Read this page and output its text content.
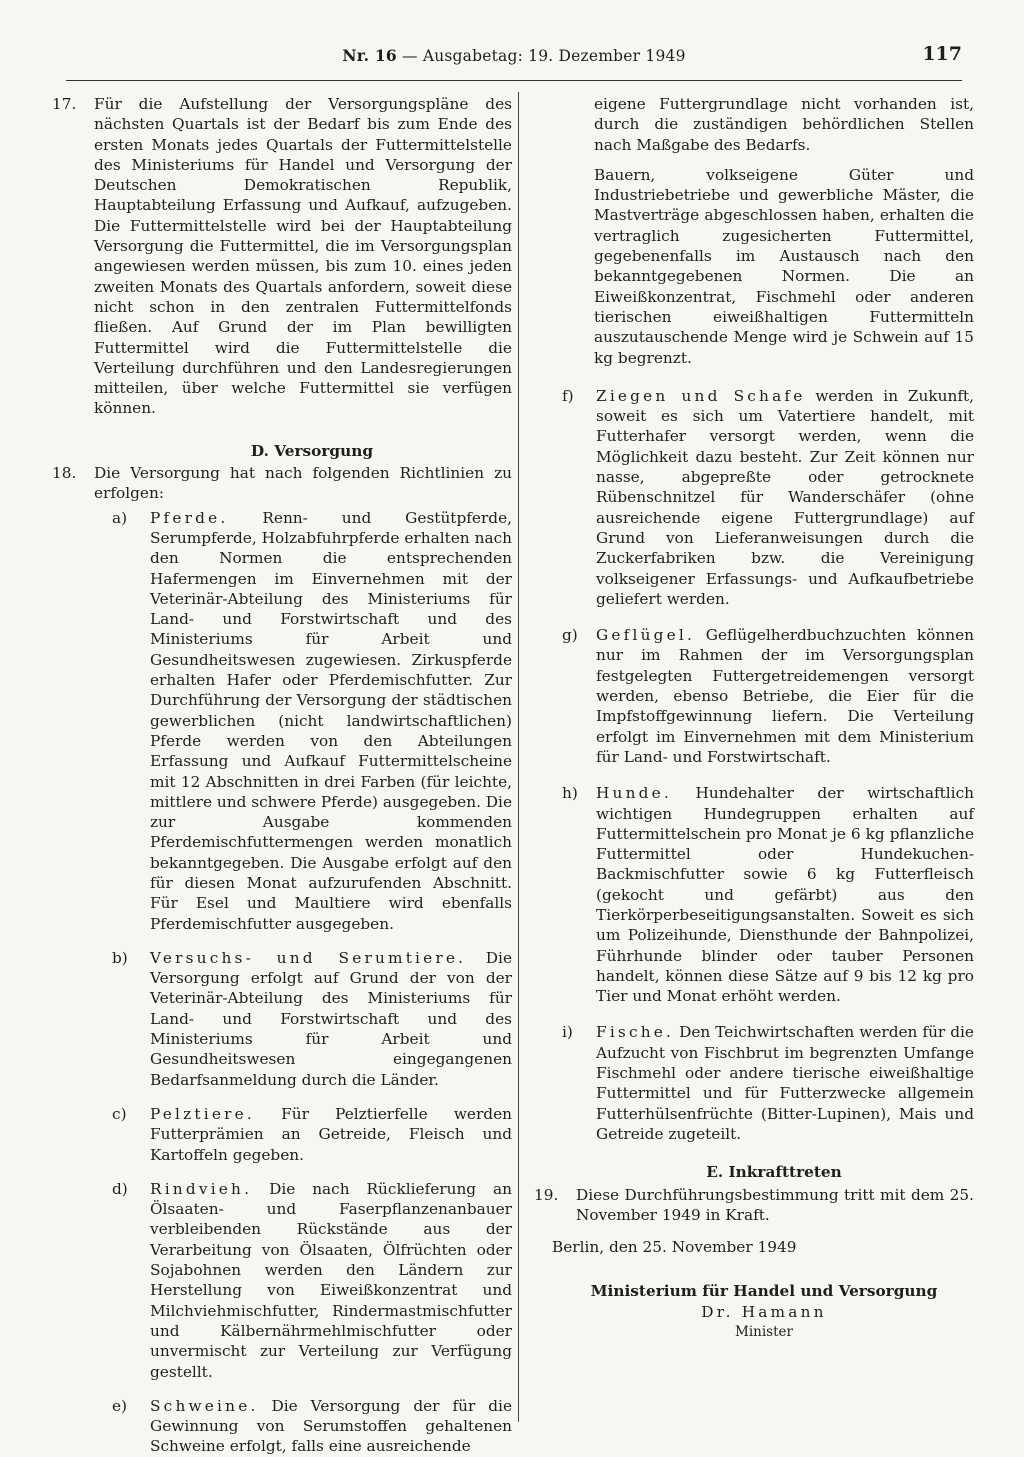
Nr. 16 — Ausgabetag: 19. Dezember 1949	117

17. Für die Aufstellung der Versorgungspläne des nächsten Quartals ist der Bedarf bis zum Ende des ersten Monats jedes Quartals der Futtermittelstelle des Ministeriums für Handel und Versorgung der Deutschen Demokratischen Republik, Hauptabteilung Erfassung und Aufkauf, aufzugeben. Die Futtermittelstelle wird bei der Hauptabteilung Versorgung die Futtermittel, die im Versorgungsplan angewiesen werden müssen, bis zum 10. eines jeden zweiten Monats des Quartals anfordern, soweit diese nicht schon in den zentralen Futtermittelfonds fließen. Auf Grund der im Plan bewilligten Futtermittel wird die Futtermittelstelle die Verteilung durchführen und den Landesregierungen mitteilen, über welche Futtermittel sie verfügen können.

D. Versorgung

18. Die Versorgung hat nach folgenden Richtlinien zu erfolgen:

a) Pferde. Renn- und Gestütpferde, Serumpferde, Holzabfuhrpferde erhalten nach den Normen die entsprechenden Hafermengen im Einvernehmen mit der Veterinär-Abteilung des Ministeriums für Land- und Forstwirtschaft und des Ministeriums für Arbeit und Gesundheitswesen zugewiesen. Zirkuspferde erhalten Hafer oder Pferdemischfutter. Zur Durchführung der Versorgung der städtischen gewerblichen (nicht landwirtschaftlichen) Pferde werden von den Abteilungen Erfassung und Aufkauf Futtermittelscheine mit 12 Abschnitten in drei Farben (für leichte, mittlere und schwere Pferde) ausgegeben. Die zur Ausgabe kommenden Pferdemischfuttermengen werden monatlich bekanntgegeben. Die Ausgabe erfolgt auf den für diesen Monat aufzurufenden Abschnitt. Für Esel und Maultiere wird ebenfalls Pferdemischfutter ausgegeben.

b) Versuchs- und Serumtiere. Die Versorgung erfolgt auf Grund der von der Veterinär-Abteilung des Ministeriums für Land- und Forstwirtschaft und des Ministeriums für Arbeit und Gesundheitswesen eingegangenen Bedarfsanmeldung durch die Länder.

c) Pelztiere. Für Pelztierfelle werden Futterprämien an Getreide, Fleisch und Kartoffeln gegeben.

d) Rindvieh. Die nach Rücklieferung an Ölsaaten- und Faserpflanzenanbauer verbleibenden Rückstände aus der Verarbeitung von Ölsaaten, Ölfrüchten oder Sojabohnen werden den Ländern zur Herstellung von Eiweißkonzentrat und Milchviehmischfutter, Rindermastmischfutter und Kälbernährmehlmischfutter oder unvermischt zur Verteilung zur Verfügung gestellt.

e) Schweine. Die Versorgung der für die Gewinnung von Serumstoffen gehaltenen Schweine erfolgt, falls eine ausreichende

eigene Futtergrundlage nicht vorhanden ist, durch die zuständigen behördlichen Stellen nach Maßgabe des Bedarfs.

Bauern, volkseigene Güter und Industriebetriebe und gewerbliche Mäster, die Mastverträge abgeschlossen haben, erhalten die vertraglich zugesicherten Futtermittel, gegebenenfalls im Austausch nach den bekanntgegebenen Normen. Die an Eiweißkonzentrat, Fischmehl oder anderen tierischen eiweißhaltigen Futtermitteln auszutauschende Menge wird je Schwein auf 15 kg begrenzt.

f) Ziegen und Schafe werden in Zukunft, soweit es sich um Vatertiere handelt, mit Futterhafer versorgt werden, wenn die Möglichkeit dazu besteht. Zur Zeit können nur nasse, abgepreßte oder getrocknete Rübenschnitzel für Wanderschäfer (ohne ausreichende eigene Futtergrundlage) auf Grund von Lieferanweisungen durch die Zuckerfabriken bzw. die Vereinigung volkseigener Erfassungs- und Aufkaufbetriebe geliefert werden.

g) Geflügel. Geflügelherdbuchzuchten können nur im Rahmen der im Versorgungsplan festgelegten Futtergetreidemengen versorgt werden, ebenso Betriebe, die Eier für die Impfstoffgewinnung liefern. Die Verteilung erfolgt im Einvernehmen mit dem Ministerium für Land- und Forstwirtschaft.

h) Hunde. Hundehalter der wirtschaftlich wichtigen Hundegruppen erhalten auf Futtermittelschein pro Monat je 6 kg pflanzliche Futtermittel oder Hundekuchen-Backmischfutter sowie 6 kg Futterfleisch (gekocht und gefärbt) aus den Tierkörperbeseitigungsanstalten. Soweit es sich um Polizeihunde, Diensthunde der Bahnpolizei, Führhunde blinder oder tauber Personen handelt, können diese Sätze auf 9 bis 12 kg pro Tier und Monat erhöht werden.

i) Fische. Den Teichwirtschaften werden für die Aufzucht von Fischbrut im begrenzten Umfange Fischmehl oder andere tierische eiweißhaltige Futtermittel und für Futterzwecke allgemein Futterhülsenfrüchte (Bitter-Lupinen), Mais und Getreide zugeteilt.

E. Inkrafttreten

19. Diese Durchführungsbestimmung tritt mit dem 25. November 1949 in Kraft.

Berlin, den 25. November 1949

Ministerium für Handel und Versorgung

Dr. Hamann

Minister
